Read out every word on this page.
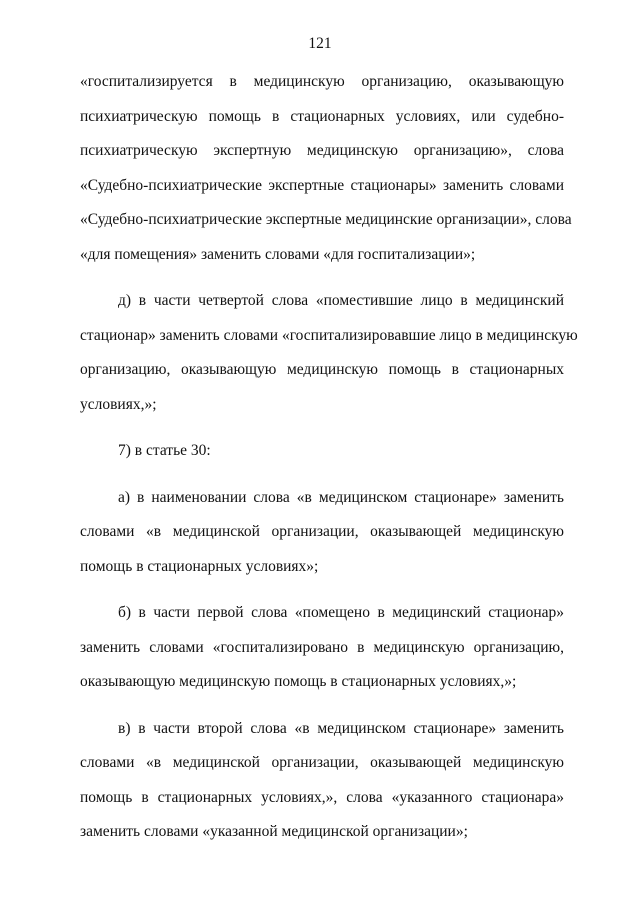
121
«госпитализируется в медицинскую организацию, оказывающую
психиатрическую помощь в стационарных условиях, или судебно-
психиатрическую экспертную медицинскую организацию», слова
«Судебно-психиатрические экспертные стационары» заменить словами
«Судебно-психиатрические экспертные медицинские организации», слова
«для помещения» заменить словами «для госпитализации»;
д) в части четвертой слова «поместившие лицо в медицинский
стационар» заменить словами «госпитализировавшие лицо в медицинскую
организацию, оказывающую медицинскую помощь в стационарных
условиях,»;
7) в статье 30:
а) в наименовании слова «в медицинском стационаре» заменить
словами «в медицинской организации, оказывающей медицинскую
помощь в стационарных условиях»;
б) в части первой слова «помещено в медицинский стационар»
заменить словами «госпитализировано в медицинскую организацию,
оказывающую медицинскую помощь в стационарных условиях,»;
в) в части второй слова «в медицинском стационаре» заменить
словами «в медицинской организации, оказывающей медицинскую
помощь в стационарных условиях,», слова «указанного стационара»
заменить словами «указанной медицинской организации»;
